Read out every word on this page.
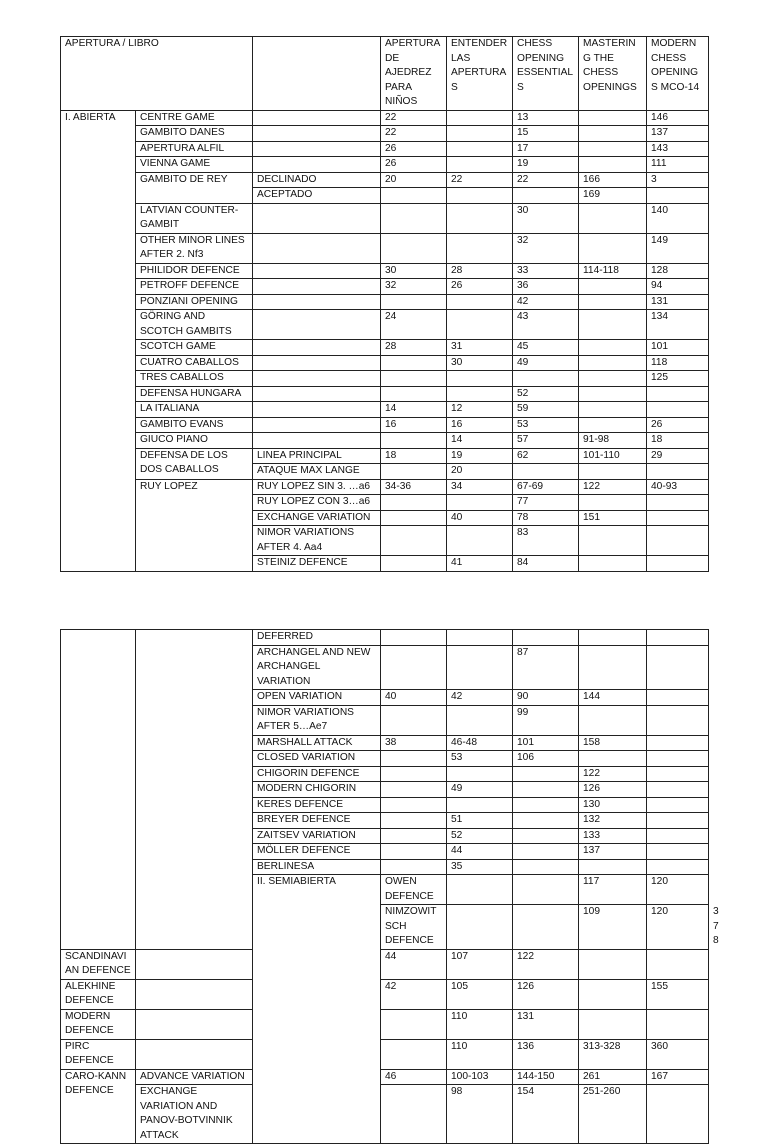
APERTURA / LIBRO			APERTURA DE AJEDREZ PARA NIÑOS	ENTENDER LAS APERTURAS	CHESS OPENING ESSENTIALS	MASTERING THE CHESS OPENINGS	MODERN CHESS OPENINGS MCO-14
I. ABIERTA	CENTRE GAME		22		13		146
	GAMBITO DANES		22		15		137
	APERTURA ALFIL		26		17		143
	VIENNA GAME		26		19		111
	GAMBITO DE REY	DECLINADO	20	22	22	166	3
		ACEPTADO				169	
	LATVIAN COUNTER-GAMBIT				30		140
	OTHER MINOR LINES AFTER 2. Nf3				32		149
	PHILIDOR DEFENCE		30	28	33	114-118	128
	PETROFF DEFENCE		32	26	36		94
	PONZIANI OPENING				42		131
	GÖRING AND SCOTCH GAMBITS		24		43		134
	SCOTCH GAME		28	31	45		101
	CUATRO CABALLOS			30	49		118
	TRES CABALLOS						125
	DEFENSA HUNGARA				52		
	LA ITALIANA		14	12	59		
	GAMBITO EVANS		16	16	53		26
	GIUCO PIANO			14	57	91-98	18
	DEFENSA DE LOS DOS CABALLOS	LINEA PRINCIPAL	18	19	62	101-110	29
		ATAQUE MAX LANGE		20			
	RUY LOPEZ	RUY LOPEZ SIN 3. …a6	34-36	34	67-69	122	40-93
		RUY LOPEZ CON 3…a6			77		
		EXCHANGE VARIATION		40	78	151	
		NIMOR VARIATIONS AFTER 4. Aa4			83		
		STEINIZ DEFENCE		41	84		
		DEFERRED						
		ARCHANGEL AND NEW ARCHANGEL VARIATION			87			
		OPEN VARIATION	40	42	90	144		
		NIMOR VARIATIONS AFTER 5…Ae7			99			
		MARSHALL ATTACK	38	46-48	101	158		
		CLOSED VARIATION		53	106			
		CHIGORIN DEFENCE				122		
		MODERN CHIGORIN		49		126		
		KERES DEFENCE				130		
		BREYER DEFENCE		51		132		
		ZAITSEV VARIATION		52		133		
		MÖLLER DEFENCE		44		137		
		BERLINESA		35				
		II. SEMIABIERTA	OWEN DEFENCE			117	120		
			NIMZOWITSCH DEFENCE			109	120		378
SCANDINAVIAN DEFENCE			44	107	122			
ALEKHINE DEFENCE			42	105	126		155	
MODERN DEFENCE				110	131			
PIRC DEFENCE				110	136	313-328	360	
CARO-KANN DEFENCE	ADVANCE VARIATION		46	100-103	144-150	261	167	
	EXCHANGE VARIATION AND PANOV-BOTVINNIK ATTACK			98	154	251-260		
